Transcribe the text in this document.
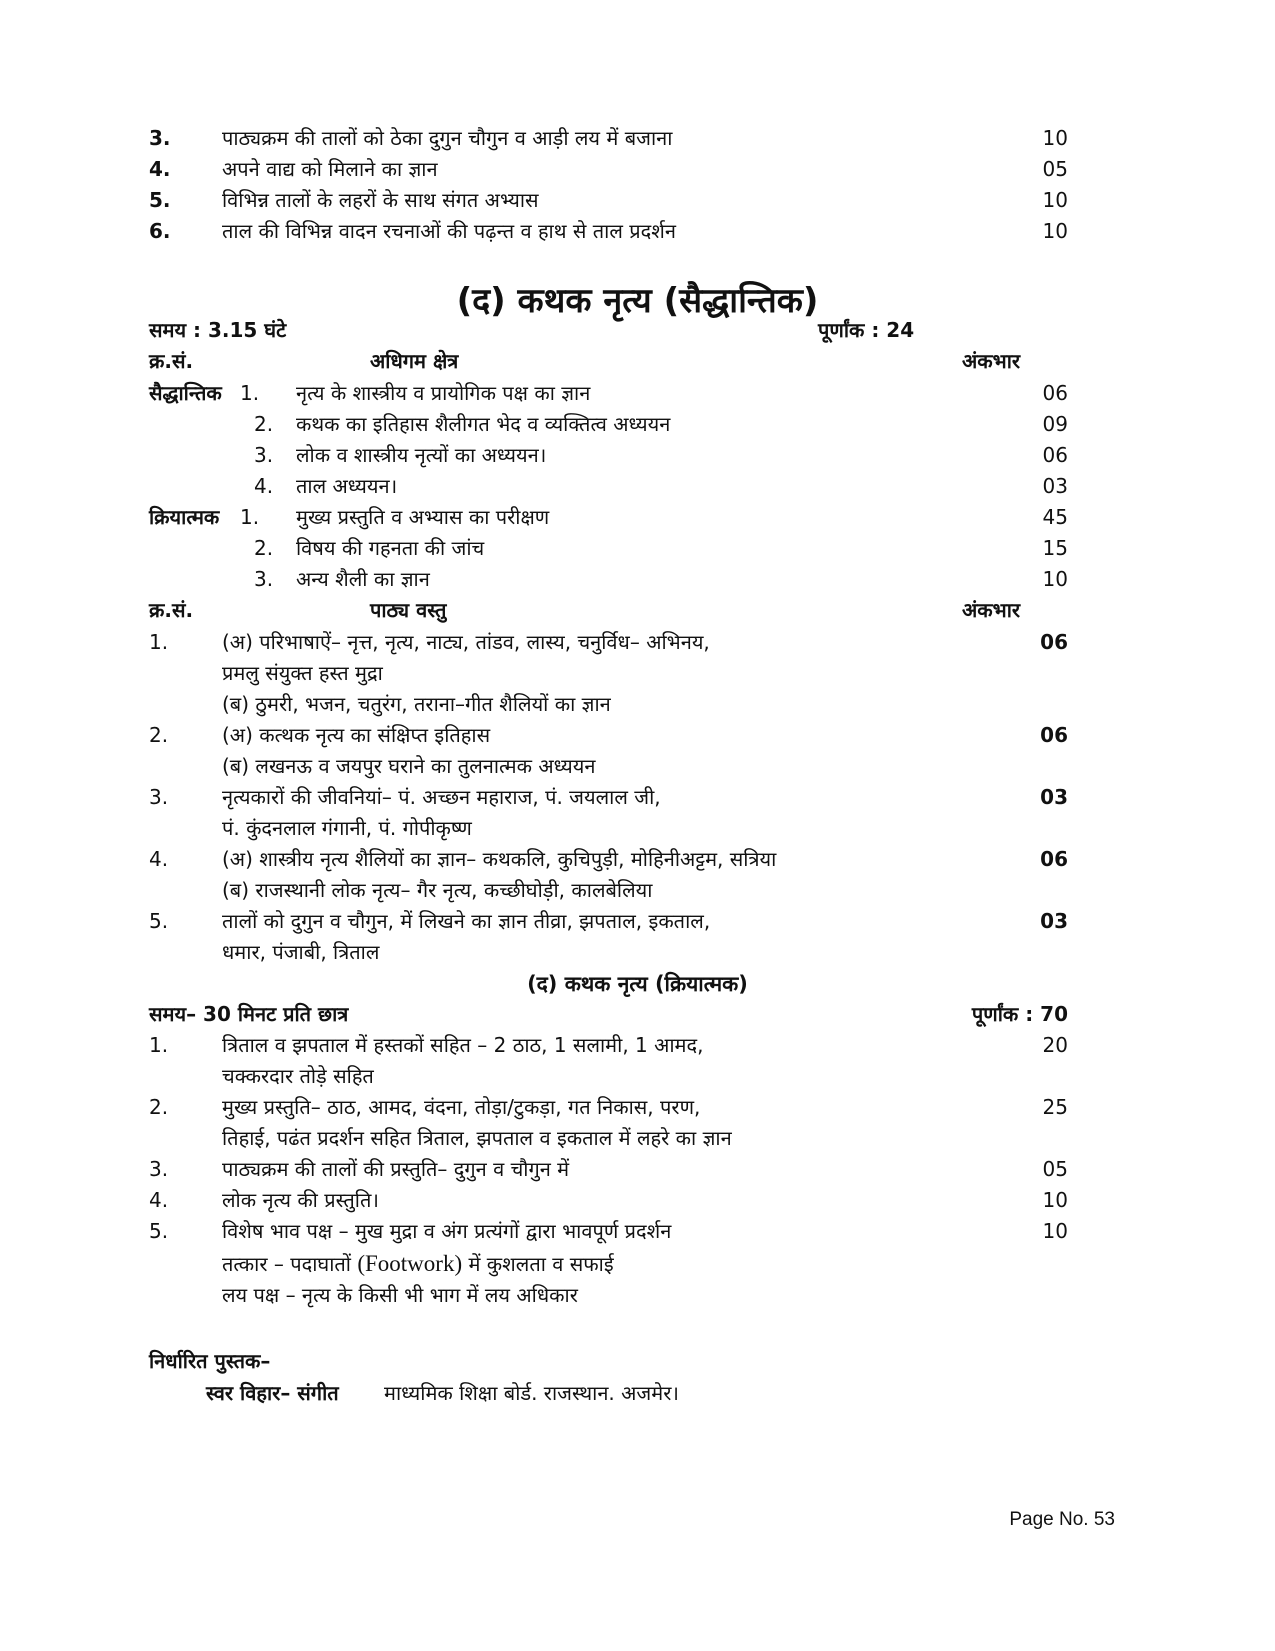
3.	पाठ्यक्रम की तालों को ठेका दुगुन चौगुन व आड़ी लय में बजाना	10
4.	अपने वाद्य को मिलाने का ज्ञान	05
5.	विभिन्न तालों के लहरों के साथ संगत अभ्यास	10
6.	ताल की विभिन्न वादन रचनाओं की पढ़न्त व हाथ से ताल प्रदर्शन	10
(द) कथक नृत्य (सैद्धान्तिक)
समय : 3.15 घंटे	पूर्णांक : 24
क्र.सं.	अधिगम क्षेत्र	अंकभार
सैद्धान्तिक 1. नृत्य के शास्त्रीय व प्रायोगिक पक्ष का ज्ञान	06
2. कथक का इतिहास शैलीगत भेद व व्यक्तित्व अध्ययन	09
3. लोक व शास्त्रीय नृत्यों का अध्ययन।	06
4. ताल अध्ययन।	03
क्रियात्मक 1. मुख्य प्रस्तुति व अभ्यास का परीक्षण	45
2. विषय की गहनता की जांच	15
3. अन्य शैली का ज्ञान	10
क्र.सं.	पाठ्य वस्तु	अंकभार
1.	(अ) परिभाषाऐं– नृत्त, नृत्य, नाट्य, तांडव, लास्य, चनुर्विध– अभिनय,	06
प्रमलु संयुक्त हस्त मुद्रा
(ब) ठुमरी, भजन, चतुरंग, तराना–गीत शैलियों का ज्ञान
2.	(अ) कत्थक नृत्य का संक्षिप्त इतिहास	06
(ब) लखनऊ व जयपुर घराने का तुलनात्मक अध्ययन
3.	नृत्यकारों की जीवनियां– पं. अच्छन महाराज, पं. जयलाल जी,	03
पं. कुंदनलाल गंगानी, पं. गोपीकृष्ण
4.	(अ) शास्त्रीय नृत्य शैलियों का ज्ञान– कथकलि, कुचिपुड़ी, मोहिनीअट्टम, सत्रिया	06
(ब) राजस्थानी लोक नृत्य– गैर नृत्य, कच्छीघोड़ी, कालबेलिया
5.	तालों को दुगुन व चौगुन, में लिखने का ज्ञान तीव्रा, झपताल, इकताल,	03
धमार, पंजाबी, त्रिताल
(द) कथक नृत्य (क्रियात्मक)
समय– 30 मिनट प्रति छात्र	पूर्णांक : 70
1.	त्रिताल व झपताल में हस्तकों सहित – 2 ठाठ, 1 सलामी, 1 आमद,	20
चक्करदार तोड़े सहित
2.	मुख्य प्रस्तुति– ठाठ, आमद, वंदना, तोड़ा/टुकड़ा, गत निकास, परण,	25
तिहाई, पढंत प्रदर्शन सहित त्रिताल, झपताल व इकताल में लहरे का ज्ञान
3.	पाठ्यक्रम की तालों की प्रस्तुति– दुगुन व चौगुन में	05
4.	लोक नृत्य की प्रस्तुति।	10
5.	विशेष भाव पक्ष – मुख मुद्रा व अंग प्रत्यंगों द्वारा भावपूर्ण प्रदर्शन	10
तत्कार – पदाघातों (Footwork) में कुशलता व सफाई
लय पक्ष – नृत्य के किसी भी भाग में लय अधिकार
निर्धारित पुस्तक–
स्वर विहार– संगीत माध्यमिक शिक्षा बोर्ड. राजस्थान. अजमेर।
Page No. 53
